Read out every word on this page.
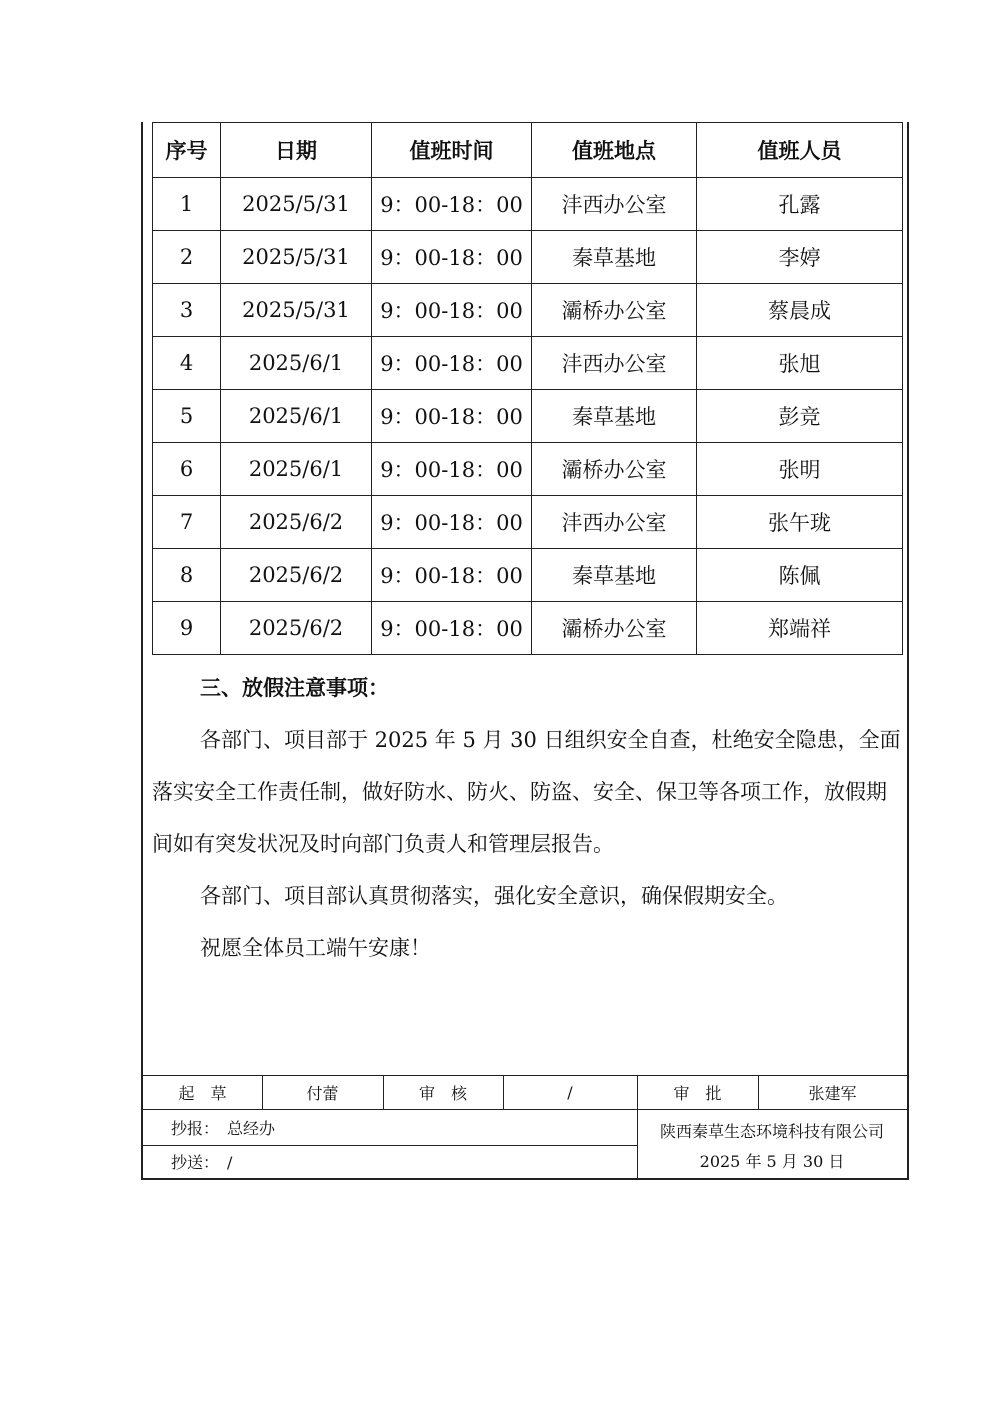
序号	日期	值班时间	值班地点	值班人员
1	2025/5/31	9：00-18：00	沣西办公室	孔露
2	2025/5/31	9：00-18：00	秦草基地	李婷
3	2025/5/31	9：00-18：00	灞桥办公室	蔡晨成
4	2025/6/1	9：00-18：00	沣西办公室	张旭
5	2025/6/1	9：00-18：00	秦草基地	彭竞
6	2025/6/1	9：00-18：00	灞桥办公室	张明
7	2025/6/2	9：00-18：00	沣西办公室	张午珑
8	2025/6/2	9：00-18：00	秦草基地	陈佩
9	2025/6/2	9：00-18：00	灞桥办公室	郑端祥

三、放假注意事项：

各部门、项目部于 2025 年 5 月 30 日组织安全自查，杜绝安全隐患，全面落实安全工作责任制，做好防水、防火、防盗、安全、保卫等各项工作，放假期间如有突发状况及时向部门负责人和管理层报告。

各部门、项目部认真贯彻落实，强化安全意识，确保假期安全。

祝愿全体员工端午安康！

起　草	付蕾	审　核	/	审　批	张建军
抄报：　总经办
抄送：　/
陕西秦草生态环境科技有限公司
2025 年 5 月 30 日
